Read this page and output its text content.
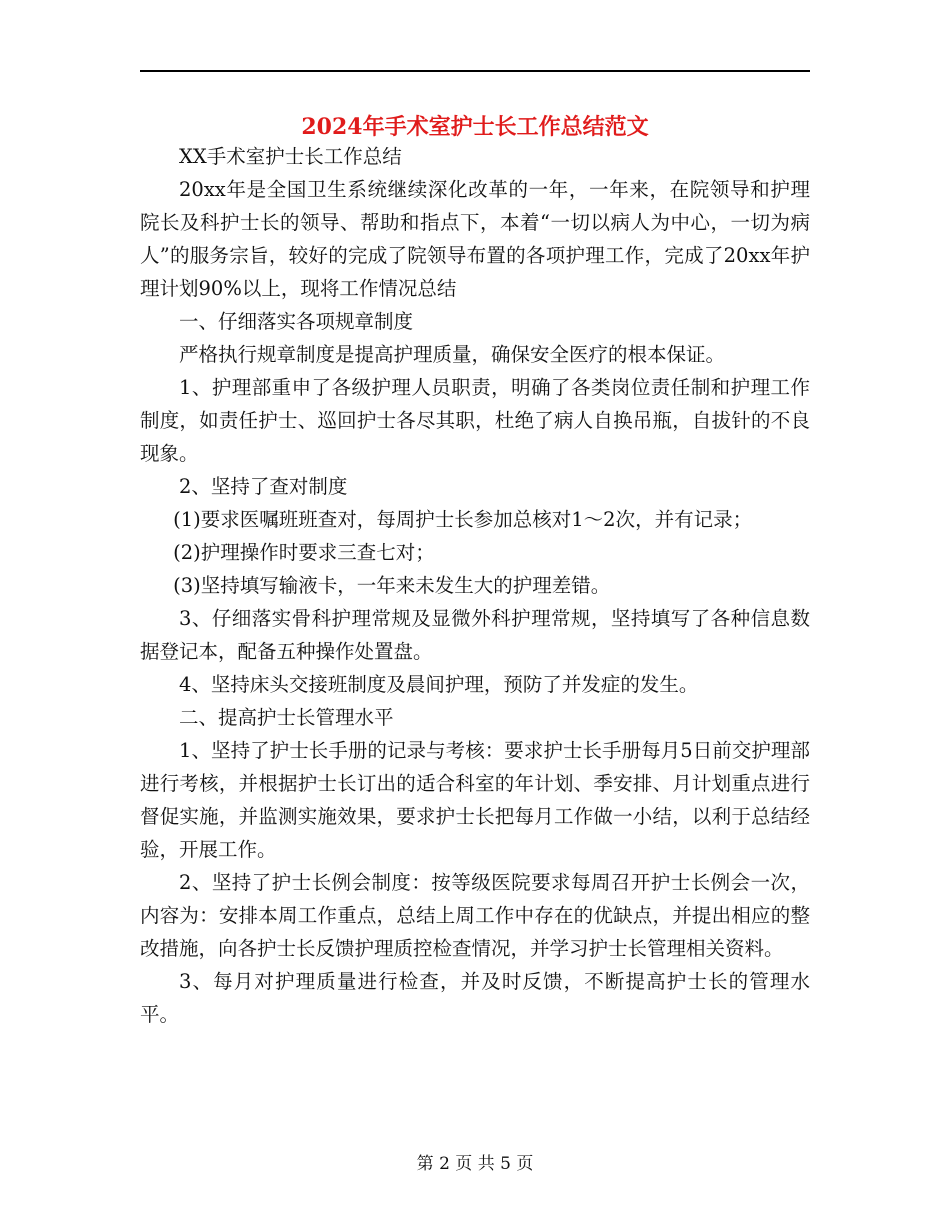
2024年手术室护士长工作总结范文

XX手术室护士长工作总结

20xx年是全国卫生系统继续深化改革的一年，一年来，在院领导和护理院长及科护士长的领导、帮助和指点下，本着“一切以病人为中心，一切为病人”的服务宗旨，较好的完成了院领导布置的各项护理工作，完成了20xx年护理计划90%以上，现将工作情况总结

一、仔细落实各项规章制度

严格执行规章制度是提高护理质量，确保安全医疗的根本保证。

1、护理部重申了各级护理人员职责，明确了各类岗位责任制和护理工作制度，如责任护士、巡回护士各尽其职，杜绝了病人自换吊瓶，自拔针的不良现象。

2、坚持了查对制度

(1)要求医嘱班班查对，每周护士长参加总核对1～2次，并有记录；

(2)护理操作时要求三查七对；

(3)坚持填写输液卡，一年来未发生大的护理差错。

3、仔细落实骨科护理常规及显微外科护理常规，坚持填写了各种信息数据登记本，配备五种操作处置盘。

4、坚持床头交接班制度及晨间护理，预防了并发症的发生。

二、提高护士长管理水平

1、坚持了护士长手册的记录与考核：要求护士长手册每月5日前交护理部进行考核，并根据护士长订出的适合科室的年计划、季安排、月计划重点进行督促实施，并监测实施效果，要求护士长把每月工作做一小结，以利于总结经验，开展工作。

2、坚持了护士长例会制度：按等级医院要求每周召开护士长例会一次，内容为：安排本周工作重点，总结上周工作中存在的优缺点，并提出相应的整改措施，向各护士长反馈护理质控检查情况，并学习护士长管理相关资料。

3、每月对护理质量进行检查，并及时反馈，不断提高护士长的管理水平。

第 2 页 共 5 页
